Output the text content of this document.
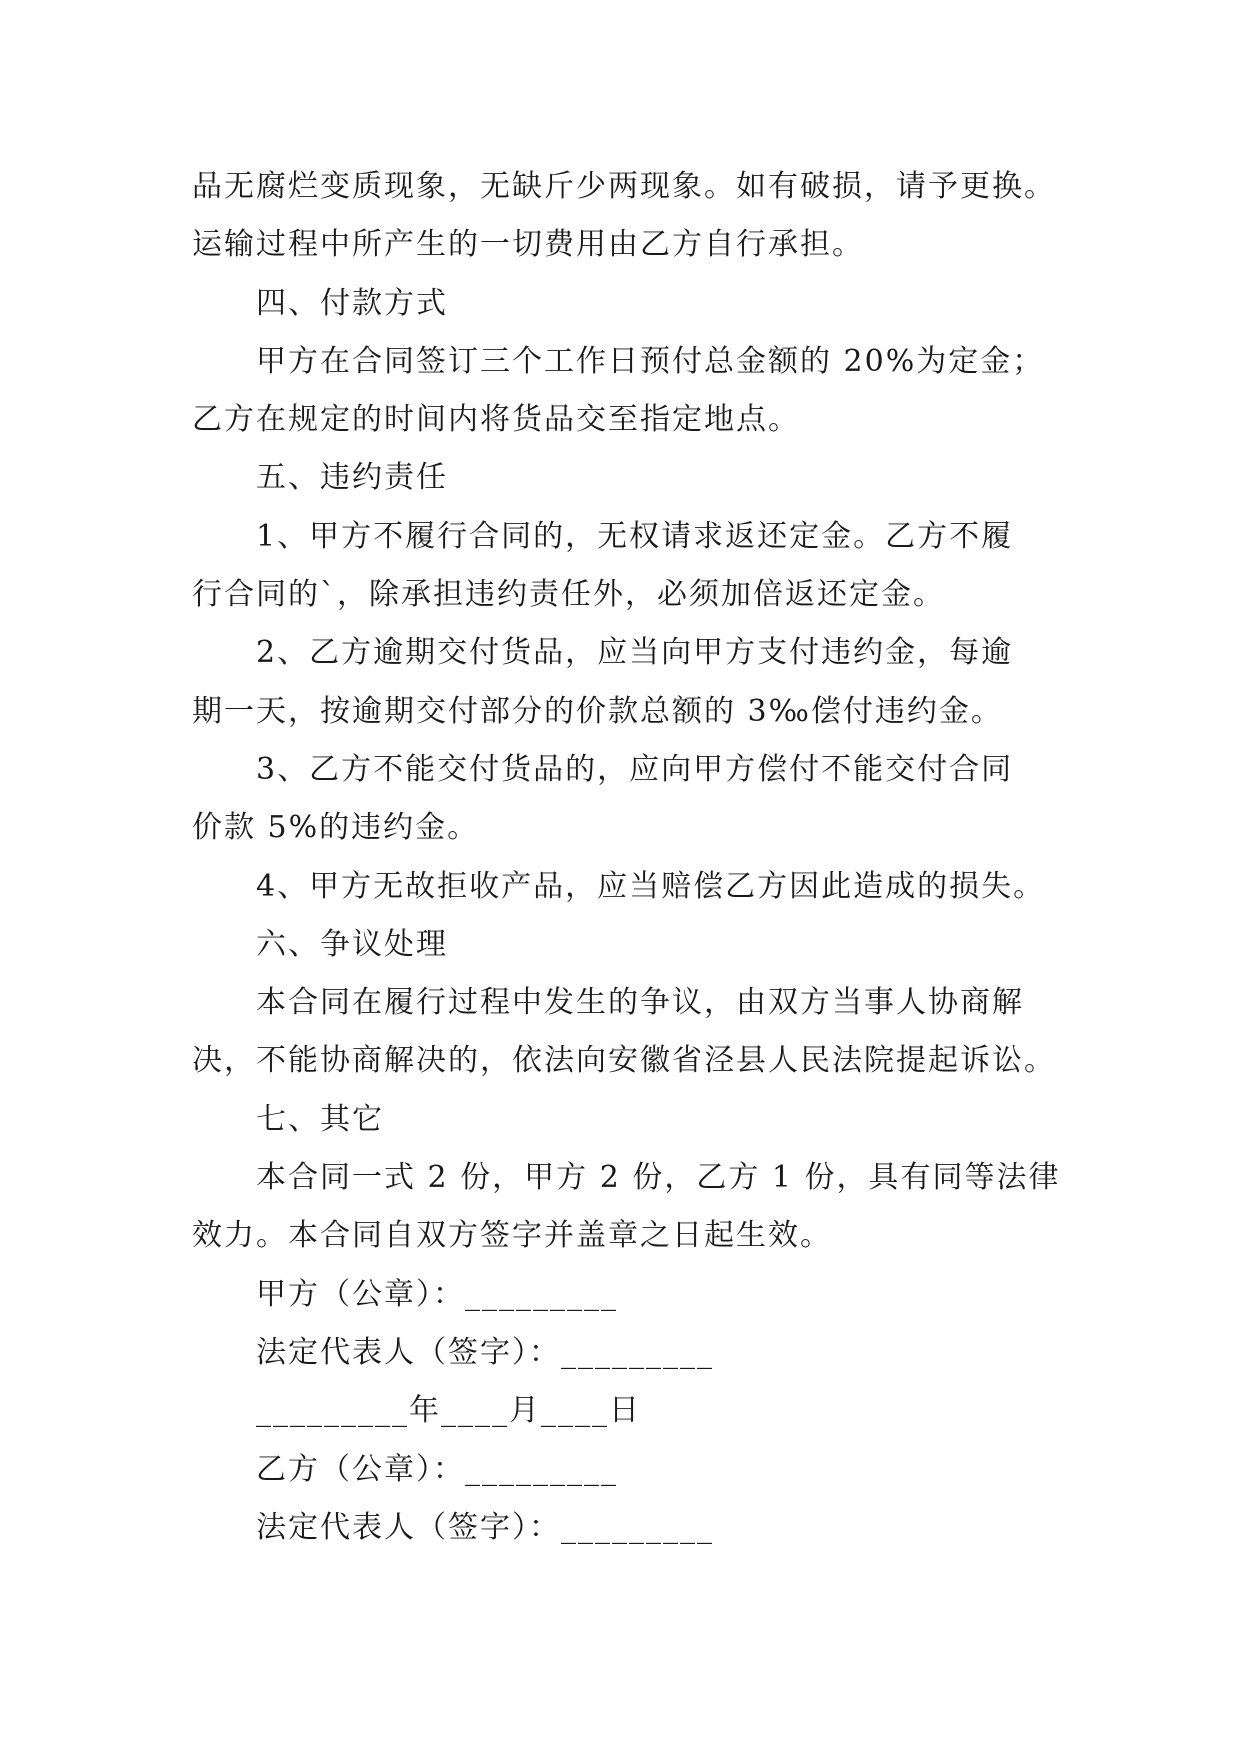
品无腐烂变质现象，无缺斤少两现象。如有破损，请予更换。

运输过程中所产生的一切费用由乙方自行承担。

四、付款方式

甲方在合同签订三个工作日预付总金额的 20%为定金；

乙方在规定的时间内将货品交至指定地点。

五、违约责任

1、甲方不履行合同的，无权请求返还定金。乙方不履

行合同的`，除承担违约责任外，必须加倍返还定金。

2、乙方逾期交付货品，应当向甲方支付违约金，每逾

期一天，按逾期交付部分的价款总额的 3‰偿付违约金。

3、乙方不能交付货品的，应向甲方偿付不能交付合同

价款 5%的违约金。

4、甲方无故拒收产品，应当赔偿乙方因此造成的损失。

六、争议处理

本合同在履行过程中发生的争议，由双方当事人协商解

决，不能协商解决的，依法向安徽省泾县人民法院提起诉讼。

七、其它

本合同一式 2 份，甲方 2 份，乙方 1 份，具有同等法律

效力。本合同自双方签字并盖章之日起生效。

甲方（公章）：_________

法定代表人（签字）：_________

_________年____月____日

乙方（公章）：_________

法定代表人（签字）：_________
